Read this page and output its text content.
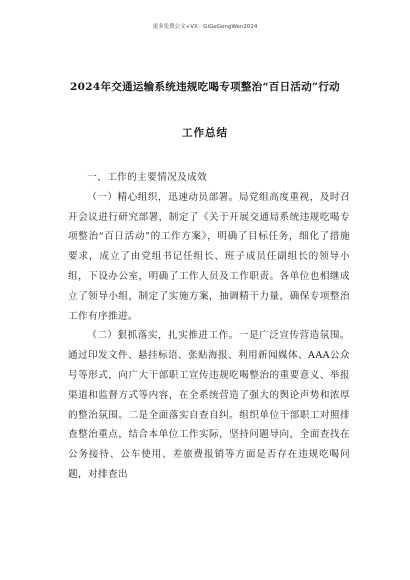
更多免费公文+VX：GiGeGongWen2024
2024年交通运输系统违规吃喝专项整治“百日活动”行动
工作总结

一、工作的主要情况及成效

（一）精心组织，迅速动员部署。局党组高度重视，及时召开会议进行研究部署，制定了《关于开展交通局系统违规吃喝专项整治“百日活动”的工作方案》，明确了目标任务，细化了措施要求，成立了由党组书记任组长、班子成员任副组长的领导小组，下设办公室，明确了工作人员及工作职责。各单位也相继成立了领导小组，制定了实施方案，抽调精干力量，确保专项整治工作有序推进。

（二）狠抓落实，扎实推进工作。一是广泛宣传营造氛围。通过印发文件、悬挂标语、张贴海报、利用新闻媒体、AAA公众号等形式，向广大干部职工宣传违规吃喝整治的重要意义、举报渠道和监督方式等内容，在全系统营造了强大的舆论声势和浓厚的整治氛围。二是全面落实自查自纠。组织单位干部职工对照排查整治重点，结合本单位工作实际，坚持问题导向，全面查找在公务接待、公车使用、差旅费报销等方面是否存在违规吃喝问题，对排查出
